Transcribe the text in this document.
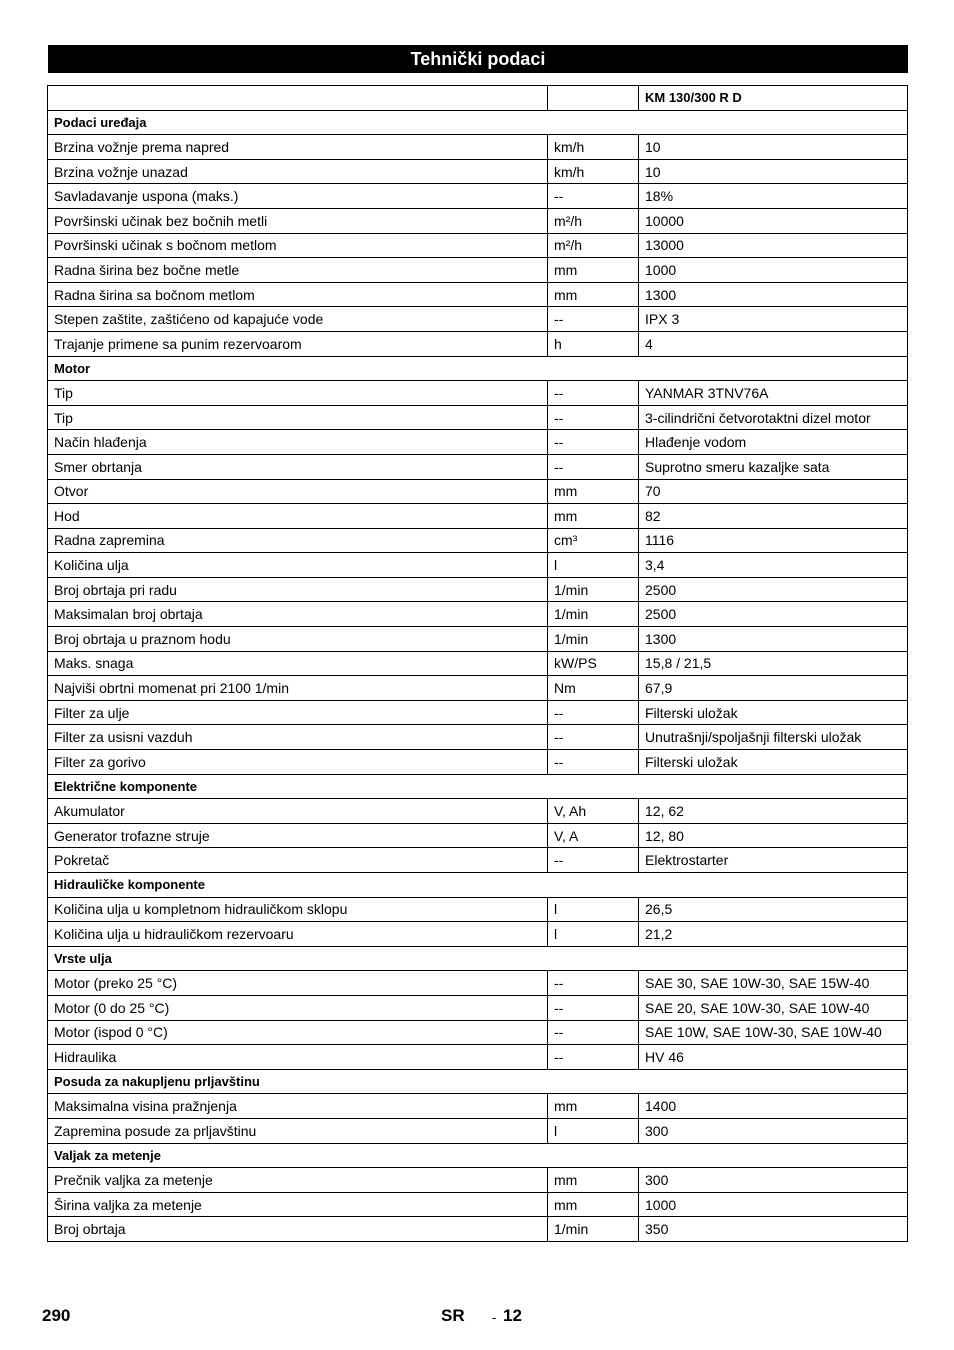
Tehnički podaci
		KM 130/300 R D
Podaci uređaja		
Brzina vožnje prema napred	km/h	10
Brzina vožnje unazad	km/h	10
Savladavanje uspona (maks.)	--	18%
Površinski učinak bez bočnih metli	m²/h	10000
Površinski učinak s bočnom metlom	m²/h	13000
Radna širina bez bočne metle	mm	1000
Radna širina sa bočnom metlom	mm	1300
Stepen zaštite, zaštićeno od kapajuće vode	--	IPX 3
Trajanje primene sa punim rezervoarom	h	4
Motor		
Tip	--	YANMAR 3TNV76A
Tip	--	3-cilindrični četvorotaktni dizel motor
Način hlađenja	--	Hlađenje vodom
Smer obrtanja	--	Suprotno smeru kazaljke sata
Otvor	mm	70
Hod	mm	82
Radna zapremina	cm³	1116
Količina ulja	l	3,4
Broj obrtaja pri radu	1/min	2500
Maksimalan broj obrtaja	1/min	2500
Broj obrtaja u praznom hodu	1/min	1300
Maks. snaga	kW/PS	15,8 / 21,5
Najviši obrtni momenat pri 2100 1/min	Nm	67,9
Filter za ulje	--	Filterski uložak
Filter za usisni vazduh	--	Unutrašnji/spoljašnji filterski uložak
Filter za gorivo	--	Filterski uložak
Električne komponente		
Akumulator	V, Ah	12, 62
Generator trofazne struje	V, A	12, 80
Pokretač	--	Elektrostarter
Hidrauličke komponente		
Količina ulja u kompletnom hidrauličkom sklopu	l	26,5
Količina ulja u hidrauličkom rezervoaru	l	21,2
Vrste ulja		
Motor (preko 25 °C)	--	SAE 30, SAE 10W-30, SAE 15W-40
Motor (0 do 25 °C)	--	SAE 20, SAE 10W-30, SAE 10W-40
Motor (ispod 0 °C)	--	SAE 10W, SAE 10W-30, SAE 10W-40
Hidraulika	--	HV 46
Posuda za nakupljenu prljavštinu		
Maksimalna visina pražnjenja	mm	1400
Zapremina posude za prljavštinu	l	300
Valjak za metenje		
Prečnik valjka za metenje	mm	300
Širina valjka za metenje	mm	1000
Broj obrtaja	1/min	350
290	SR - 12
